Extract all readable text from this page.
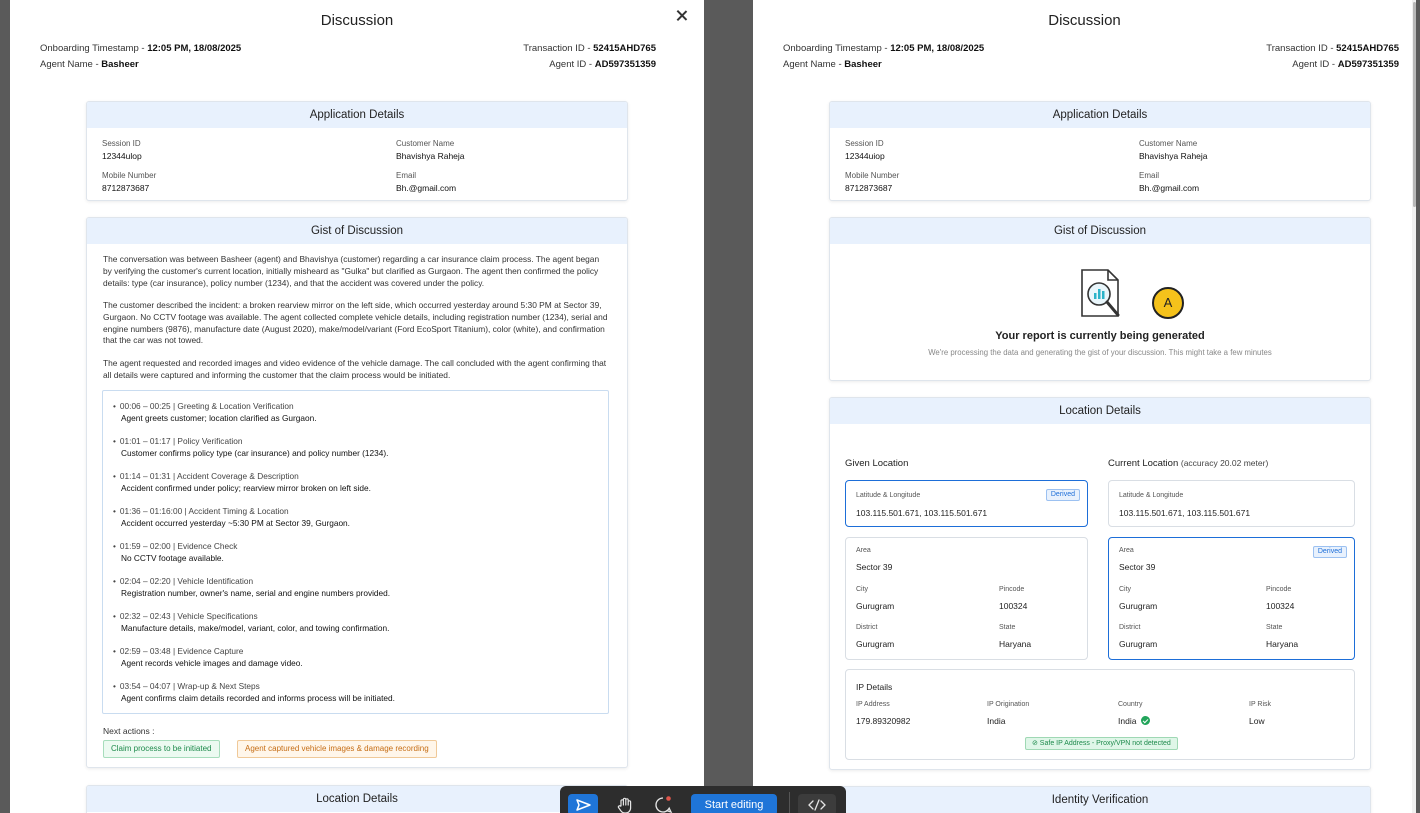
Discussion
Onboarding Timestamp - 12:05 PM, 18/08/2025
Agent Name - Basheer
Transaction ID - 52415AHD765
Agent ID - AD597351359
Application Details
Session ID
12344ulop
Customer Name
Bhavishya Raheja
Mobile Number
8712873687
Email
Bh.@gmail.com
Gist of Discussion
The conversation was between Basheer (agent) and Bhavishya (customer) regarding a car insurance claim process. The agent began by verifying the customer's current location, initially misheard as "Gulka" but clarified as Gurgaon. The agent then confirmed the policy details: type (car insurance), policy number (1234), and that the accident was covered under the policy.
The customer described the incident: a broken rearview mirror on the left side, which occurred yesterday around 5:30 PM at Sector 39, Gurgaon. No CCTV footage was available. The agent collected complete vehicle details, including registration number (1234), serial and engine numbers (9876), manufacture date (August 2020), make/model/variant (Ford EcoSport Titanium), color (white), and confirmation that the car was not towed.
The agent requested and recorded images and video evidence of the vehicle damage. The call concluded with the agent confirming that all details were captured and informing the customer that the claim process would be initiated.
• 00:06 – 00:25 | Greeting & Location Verification
Agent greets customer; location clarified as Gurgaon.
• 01:01 – 01:17 | Policy Verification
Customer confirms policy type (car insurance) and policy number (1234).
• 01:14 – 01:31 | Accident Coverage & Description
Accident confirmed under policy; rearview mirror broken on left side.
• 01:36 – 01:16:00 | Accident Timing & Location
Accident occurred yesterday ~5:30 PM at Sector 39, Gurgaon.
• 01:59 – 02:00 | Evidence Check
No CCTV footage available.
• 02:04 – 02:20 | Vehicle Identification
Registration number, owner's name, serial and engine numbers provided.
• 02:32 – 02:43 | Vehicle Specifications
Manufacture details, make/model, variant, color, and towing confirmation.
• 02:59 – 03:48 | Evidence Capture
Agent records vehicle images and damage video.
• 03:54 – 04:07 | Wrap-up & Next Steps
Agent confirms claim details recorded and informs process will be initiated.
Next actions :
Claim process to be initiated	Agent captured vehicle images & damage recording
Location Details
Discussion
Onboarding Timestamp - 12:05 PM, 18/08/2025
Agent Name - Basheer
Transaction ID - 52415AHD765
Agent ID - AD597351359
Application Details
Session ID
12344uiop
Customer Name
Bhavishya Raheja
Mobile Number
8712873687
Email
Bh.@gmail.com
Gist of Discussion
A
Your report is currently being generated
We're processing the data and generating the gist of your discussion. This might take a few minutes
Location Details
Given Location	Current Location (accuracy 20.02 meter)
Latitude & Longitude	Derived
103.115.501.671, 103.115.501.671
Latitude & Longitude
103.115.501.671, 103.115.501.671
Area
Sector 39
City
Gurugram
Pincode
100324
District
Gurugram
State
Haryana
Area	Derived
Sector 39
City
Gurugram
Pincode
100324
District
Gurugram
State
Haryana
IP Details
IP Address
179.89320982
IP Origination
India
Country
India
IP Risk
Low
⊘ Safe IP Address - Proxy/VPN not detected
Identity Verification
Start editing
